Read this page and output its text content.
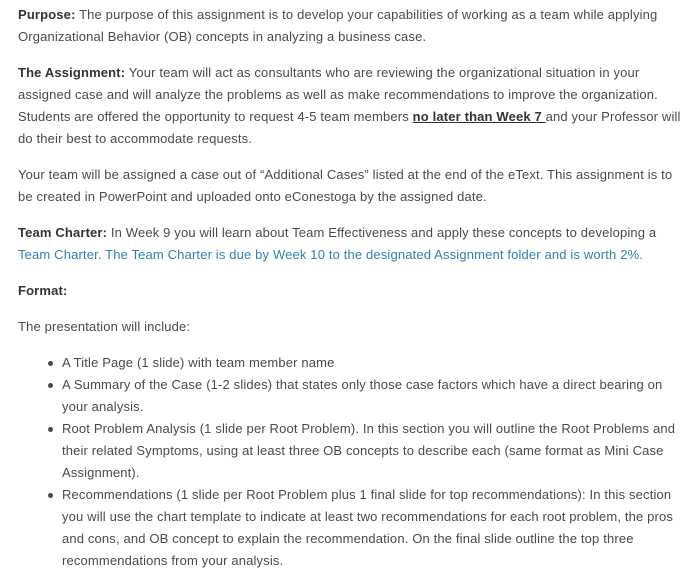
Purpose: The purpose of this assignment is to develop your capabilities of working as a team while applying Organizational Behavior (OB) concepts in analyzing a business case.

The Assignment: Your team will act as consultants who are reviewing the organizational situation in your assigned case and will analyze the problems as well as make recommendations to improve the organization. Students are offered the opportunity to request 4-5 team members no later than Week 7 and your Professor will do their best to accommodate requests.

Your team will be assigned a case out of “Additional Cases” listed at the end of the eText. This assignment is to be created in PowerPoint and uploaded onto eConestoga by the assigned date.

Team Charter: In Week 9 you will learn about Team Effectiveness and apply these concepts to developing a Team Charter. The Team Charter is due by Week 10 to the designated Assignment folder and is worth 2%.

Format:

The presentation will include:

A Title Page (1 slide) with team member name
A Summary of the Case (1-2 slides) that states only those case factors which have a direct bearing on your analysis.
Root Problem Analysis (1 slide per Root Problem). In this section you will outline the Root Problems and their related Symptoms, using at least three OB concepts to describe each (same format as Mini Case Assignment).
Recommendations (1 slide per Root Problem plus 1 final slide for top recommendations): In this section you will use the chart template to indicate at least two recommendations for each root problem, the pros and cons, and OB concept to explain the recommendation. On the final slide outline the top three recommendations from your analysis.
